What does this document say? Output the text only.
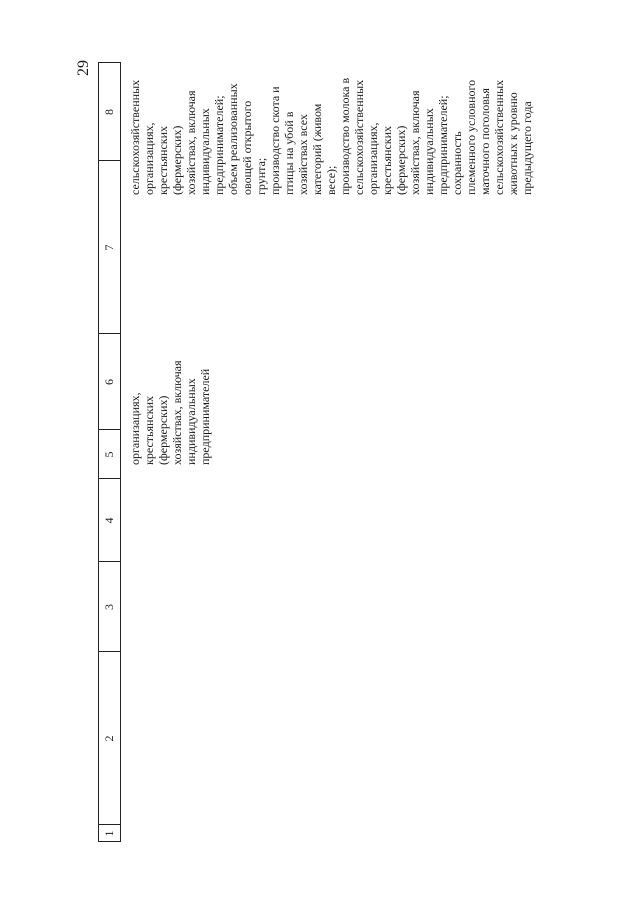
29
1
2
3
4
5
6
7
8
организациях, крестьянских (фермерских) хозяйствах, включая индивидуальных предпринимателей
сельскохозяйственных организациях, крестьянских (фермерских) хозяйствах, включая индивидуальных предпринимателей; объем реализованных овощей открытого грунта; производство скота и птицы на убой в хозяйствах всех категорий (живом весе); производство молока в сельскохозяйственных организациях, крестьянских (фермерских) хозяйствах, включая индивидуальных предпринимателей; сохранность племенного условного маточного поголовья сельскохозяйственных животных к уровню предыдущего года
